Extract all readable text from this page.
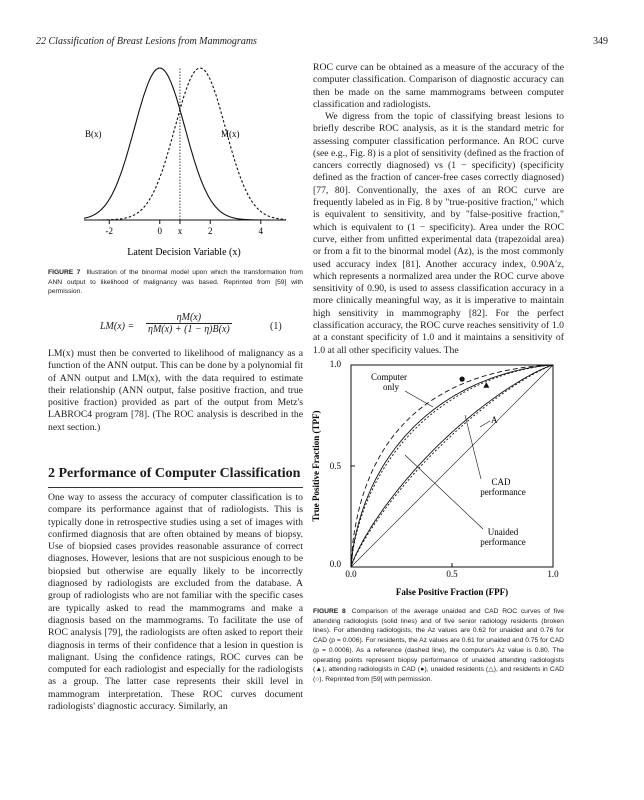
22 Classification of Breast Lesions from Mammograms	349
-2	0 x	2	4
B(x)	M(x)
Latent Decision Variable (x)
FIGURE 7 Illustration of the binormal model upon which the transformation from ANN output to likelihood of malignancy was based. Reprinted from [59] with permission.
$LM(x) = \frac{\eta M(x)}{\eta M(x) + (1 - \eta)B(x)}$	(1)

LM(x) must then be converted to likelihood of malignancy as a function of the ANN output. This can be done by a polynomial fit of ANN output and LM(x), with the data required to estimate their relationship (ANN output, false positive fraction, and true positive fraction) provided as part of the output from Metz's LABROC4 program [78]. (The ROC analysis is described in the next section.)

2 Performance of Computer Classification

One way to assess the accuracy of computer classification is to compare its performance against that of radiologists. This is typically done in retrospective studies using a set of images with confirmed diagnosis that are often obtained by means of biopsy. Use of biopsied cases provides reasonable assurance of correct diagnoses. However, lesions that are not suspicious enough to be biopsied but otherwise are equally likely to be incorrectly diagnosed by radiologists are excluded from the database. A group of radiologists who are not familiar with the specific cases are typically asked to read the mammograms and make a diagnosis based on the mammograms. To facilitate the use of ROC analysis [79], the radiologists are often asked to report their diagnosis in terms of their confidence that a lesion in question is malignant. Using the confidence ratings, ROC curves can be computed for each radiologist and especially for the radiologists as a group. The latter case represents their skill level in mammogram interpretation. These ROC curves document radiologists' diagnostic accuracy. Similarly, an

ROC curve can be obtained as a measure of the accuracy of the computer classification. Comparison of diagnostic accuracy can then be made on the same mammograms between computer classification and radiologists.

We digress from the topic of classifying breast lesions to briefly describe ROC analysis, as it is the standard metric for assessing computer classification performance. An ROC curve (see e.g., Fig. 8) is a plot of sensitivity (defined as the fraction of cancers correctly diagnosed) vs (1 − specificity) (specificity defined as the fraction of cancer-free cases correctly diagnosed) [77, 80]. Conventionally, the axes of an ROC curve are frequently labeled as in Fig. 8 by "true-positive fraction," which is equivalent to sensitivity, and by "false-positive fraction," which is equivalent to (1 − specificity). Area under the ROC curve, either from unfitted experimental data (trapezoidal area) or from a fit to the binormal model (Az), is the most commonly used accuracy index [81]. Another accuracy index, 0.90A′z, which represents a normalized area under the ROC curve above sensitivity of 0.90, is used to assess classification accuracy in a more clinically meaningful way, as it is imperative to maintain high sensitivity in mammography [82]. For the perfect classification accuracy, the ROC curve reaches sensitivity of 1.0 at a constant specificity of 1.0 and it maintains a sensitivity of 1.0 at all other specificity values. The

1.0
0.5
0.0
0.0	0.5	1.0
False Positive Fraction (FPF)
True Positive Fraction (TPF)
Computer
only
A
CAD
performance
Unaided
performance
FIGURE 8 Comparison of the average unaided and CAD ROC curves of five attending radiologists (solid lines) and of five senior radiology residents (broken lines). For attending radiologists, the Az values are 0.62 for unaided and 0.76 for CAD (p = 0.006). For residents, the Az values are 0.61 for unaided and 0.75 for CAD (p = 0.0006). As a reference (dashed line), the computer's Az value is 0.80. The operating points represent biopsy performance of unaided attending radiologists (▲), attending radiologists in CAD (●), unaided residents (△), and residents in CAD (○). Reprinted from [59] with permission.
